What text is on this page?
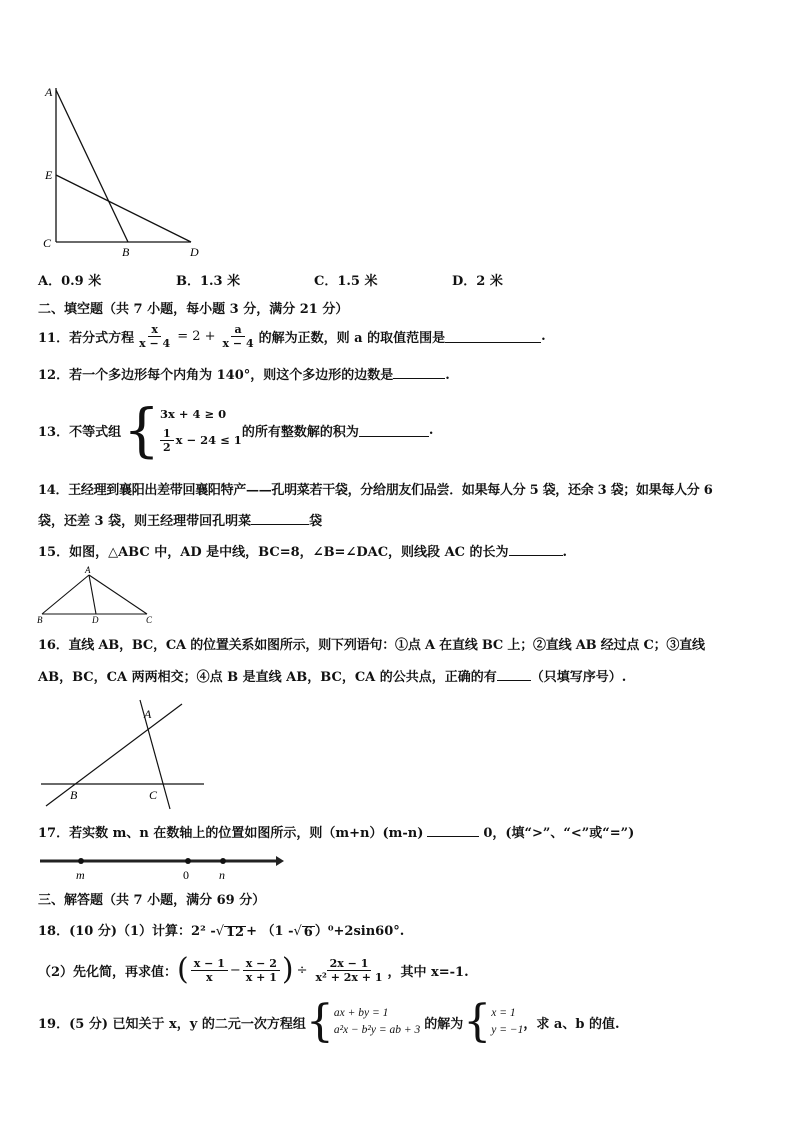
A
E
C
B	D
A．0.9 米	B．1.3 米	C．1.5 米	D．2 米
二、填空题（共 7 小题，每小题 3 分，满分 21 分）
11．若分式方程 $\frac{x}{x - 4} = 2 + \frac{a}{x - 4}$ 的解为正数，则 a 的取值范围是	.
12．若一个多边形每个内角为 140°，则这个多边形的边数是	.
13．不等式组 { 3x + 4 ≥ 0
$\frac{1}{2}$ x − 24 ≤ 1
的所有整数解的积为	.
14．王经理到襄阳出差带回襄阳特产——孔明菜若干袋，分给朋友们品尝．如果每人分 5 袋，还余 3 袋；如果每人分 6
袋，还差 3 袋，则王经理带回孔明菜	袋
15．如图，△ABC 中，AD 是中线，BC=8，∠B=∠DAC，则线段 AC 的长为	.
A
B	D	C
16．直线 AB，BC，CA 的位置关系如图所示，则下列语句：①点 A 在直线 BC 上；②直线 AB 经过点 C；③直线
AB，BC，CA 两两相交；④点 B 是直线 AB，BC，CA 的公共点，正确的有	（只填写序号）.
A
B	C
17．若实数 m、n 在数轴上的位置如图所示，则（m+n）(m-n)	0，(填“>”、“<”或“=”)
m	0	n
三、解答题（共 7 小题，满分 69 分）
18．(10 分)（1）计算：2² - √ 12 + （1 - √ 6 ）⁰+2sin60°.
（2）先化简，再求值： ( $\frac{x - 1}{x} - \frac{x - 2}{x + 1}$ ) ÷ $\frac{2x - 1}{\text{x² + 2x + 1}}$ ，其中 x=-1.
19．(5 分) 已知关于 x，y 的二元一次方程组 { ax + by = 1
a²x − b²y = ab + 3 的解为 { x = 1
y = −1 ，求 a、b 的值.
